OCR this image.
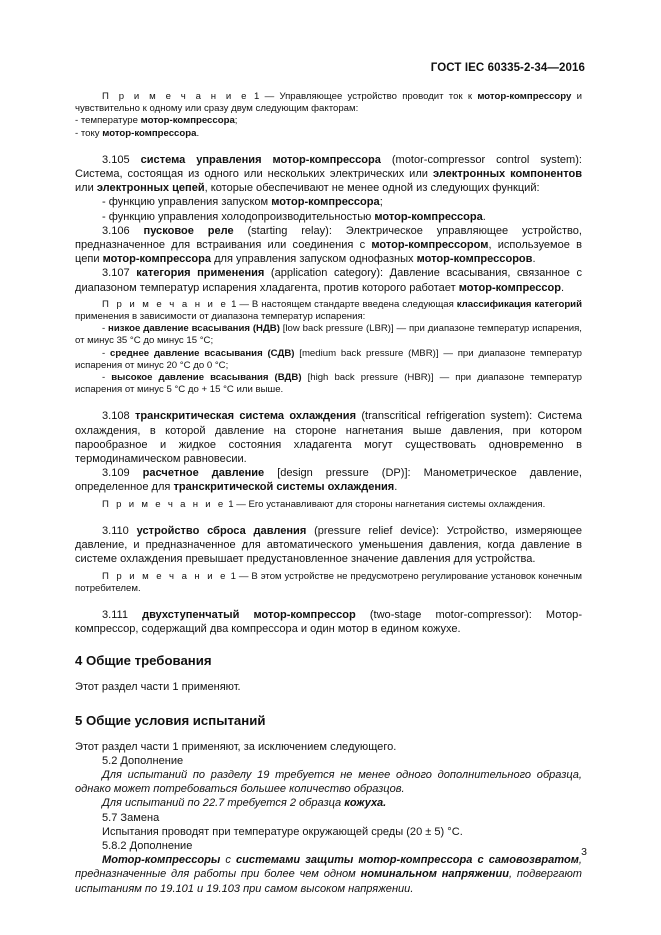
ГОСТ IEC 60335-2-34—2016
П р и м е ч а н и е 1 — Управляющее устройство проводит ток к мотор-компрессору и чувствительно к одному или сразу двум следующим факторам:
- температуре мотор-компрессора;
- току мотор-компрессора.

3.105 система управления мотор-компрессора (motor-compressor control system): Система, состоящая из одного или нескольких электрических или электронных компонентов или электронных цепей, которые обеспечивают не менее одной из следующих функций:

- функцию управления запуском мотор-компрессора;

- функцию управления холодопроизводительностью мотор-компрессора.

3.106 пусковое реле (starting relay): Электрическое управляющее устройство, предназначенное для встраивания или соединения с мотор-компрессором, используемое в цепи мотор-компрессора для управления запуском однофазных мотор-компрессоров.

3.107 категория применения (application category): Давление всасывания, связанное с диапазоном температур испарения хладагента, против которого работает мотор-компрессор.

П р и м е ч а н и е 1 — В настоящем стандарте введена следующая классификация категорий применения в зависимости от диапазона температур испарения:
- низкое давление всасывания (НДВ) [low back pressure (LBR)] — при диапазоне температур испарения, от минус 35 °С до минус 15 °С;
- среднее давление всасывания (СДВ) [medium back pressure (MBR)] — при диапазоне температур испарения от минус 20 °С до 0 °С;
- высокое давление всасывания (ВДВ) [high back pressure (HBR)] — при диапазоне температур испарения от минус 5 °С до + 15 °С или выше.

3.108 транскритическая система охлаждения (transcritical refrigeration system): Система охлаждения, в которой давление на стороне нагнетания выше давления, при котором парообразное и жидкое состояния хладагента могут существовать одновременно в термодинамическом равновесии.

3.109 расчетное давление [design pressure (DP)]: Манометрическое давление, определенное для транскритической системы охлаждения.

П р и м е ч а н и е 1 — Его устанавливают для стороны нагнетания системы охлаждения.

3.110 устройство сброса давления (pressure relief device): Устройство, измеряющее давление, и предназначенное для автоматического уменьшения давления, когда давление в системе охлаждения превышает предустановленное значение давления для устройства.

П р и м е ч а н и е 1 — В этом устройстве не предусмотрено регулирование установок конечным потребителем.

3.111 двухступенчатый мотор-компрессор (two-stage motor-compressor): Мотор-компрессор, содержащий два компрессора и один мотор в едином кожухе.

4 Общие требования

Этот раздел части 1 применяют.

5 Общие условия испытаний

Этот раздел части 1 применяют, за исключением следующего.

5.2 Дополнение

Для испытаний по разделу 19 требуется не менее одного дополнительного образца, однако может потребоваться большее количество образцов.

Для испытаний по 22.7 требуется 2 образца кожуха.

5.7 Замена

Испытания проводят при температуре окружающей среды (20 ± 5) °С.

5.8.2 Дополнение

Мотор-компрессоры с системами защиты мотор-компрессора с самовозвратом, предназначенные для работы при более чем одном номинальном напряжении, подвергают испытаниям по 19.101 и 19.103 при самом высоком напряжении.

3
